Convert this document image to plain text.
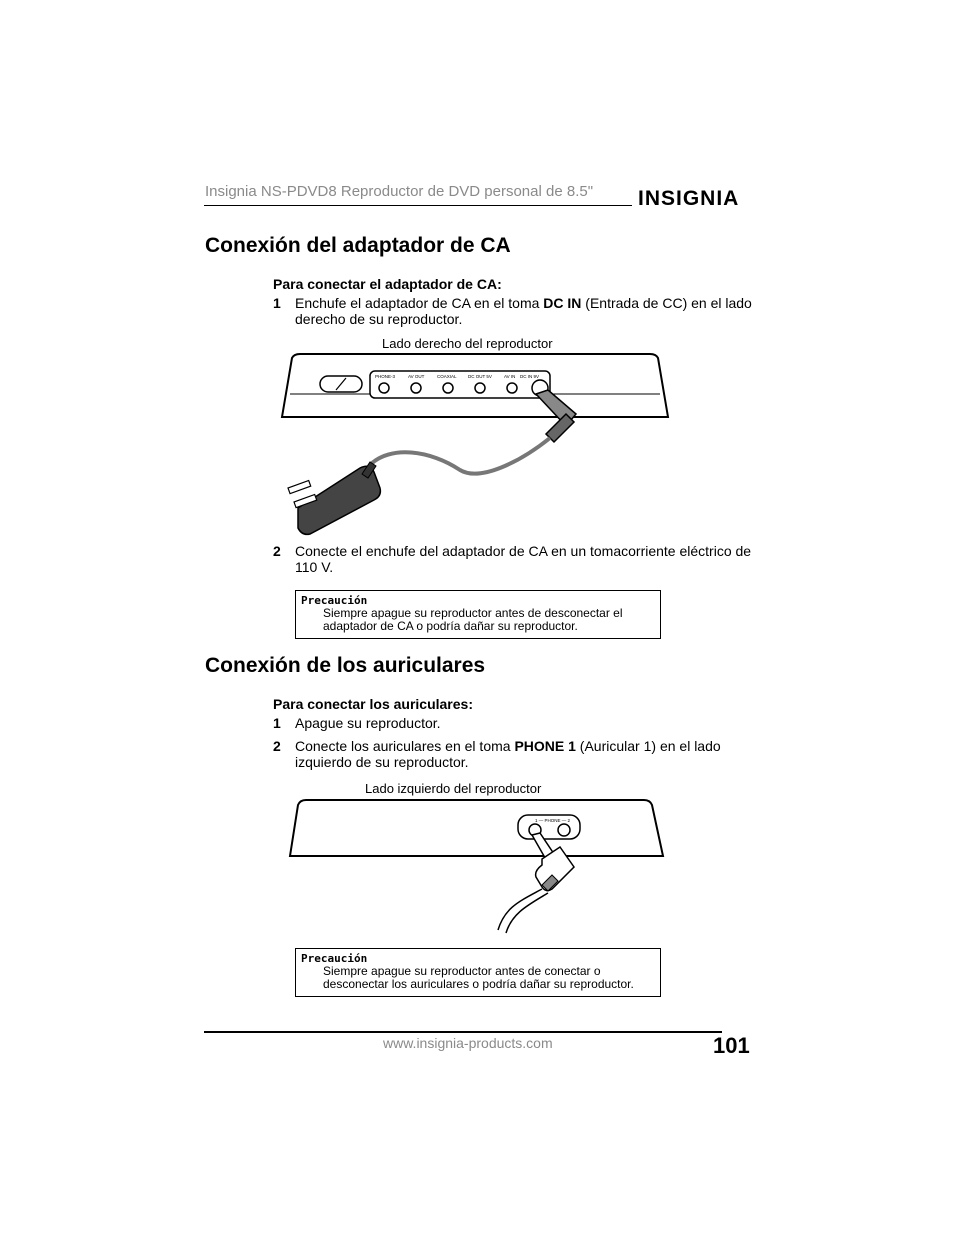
Insignia NS-PDVD8 Reproductor de DVD personal de 8.5" INSIGNIA
Conexión del adaptador de CA
Para conectar el adaptador de CA:
1 Enchufe el adaptador de CA en el toma DC IN (Entrada de CC) en el lado derecho de su reproductor.
Lado derecho del reproductor
PHONE-3	AV OUT	COAXIAL	DC OUT 5V	AV IN DC IN 9V
2 Conecte el enchufe del adaptador de CA en un tomacorriente eléctrico de 110 V.
Precaución
Siempre apague su reproductor antes de desconectar el adaptador de CA o podría dañar su reproductor.
Conexión de los auriculares
Para conectar los auriculares:
1 Apague su reproductor.
2 Conecte los auriculares en el toma PHONE 1 (Auricular 1) en el lado izquierdo de su reproductor.
Lado izquierdo del reproductor
1 — PHONE — 2
Precaución
Siempre apague su reproductor antes de conectar o desconectar los auriculares o podría dañar su reproductor.
www.insignia-products.com	101
